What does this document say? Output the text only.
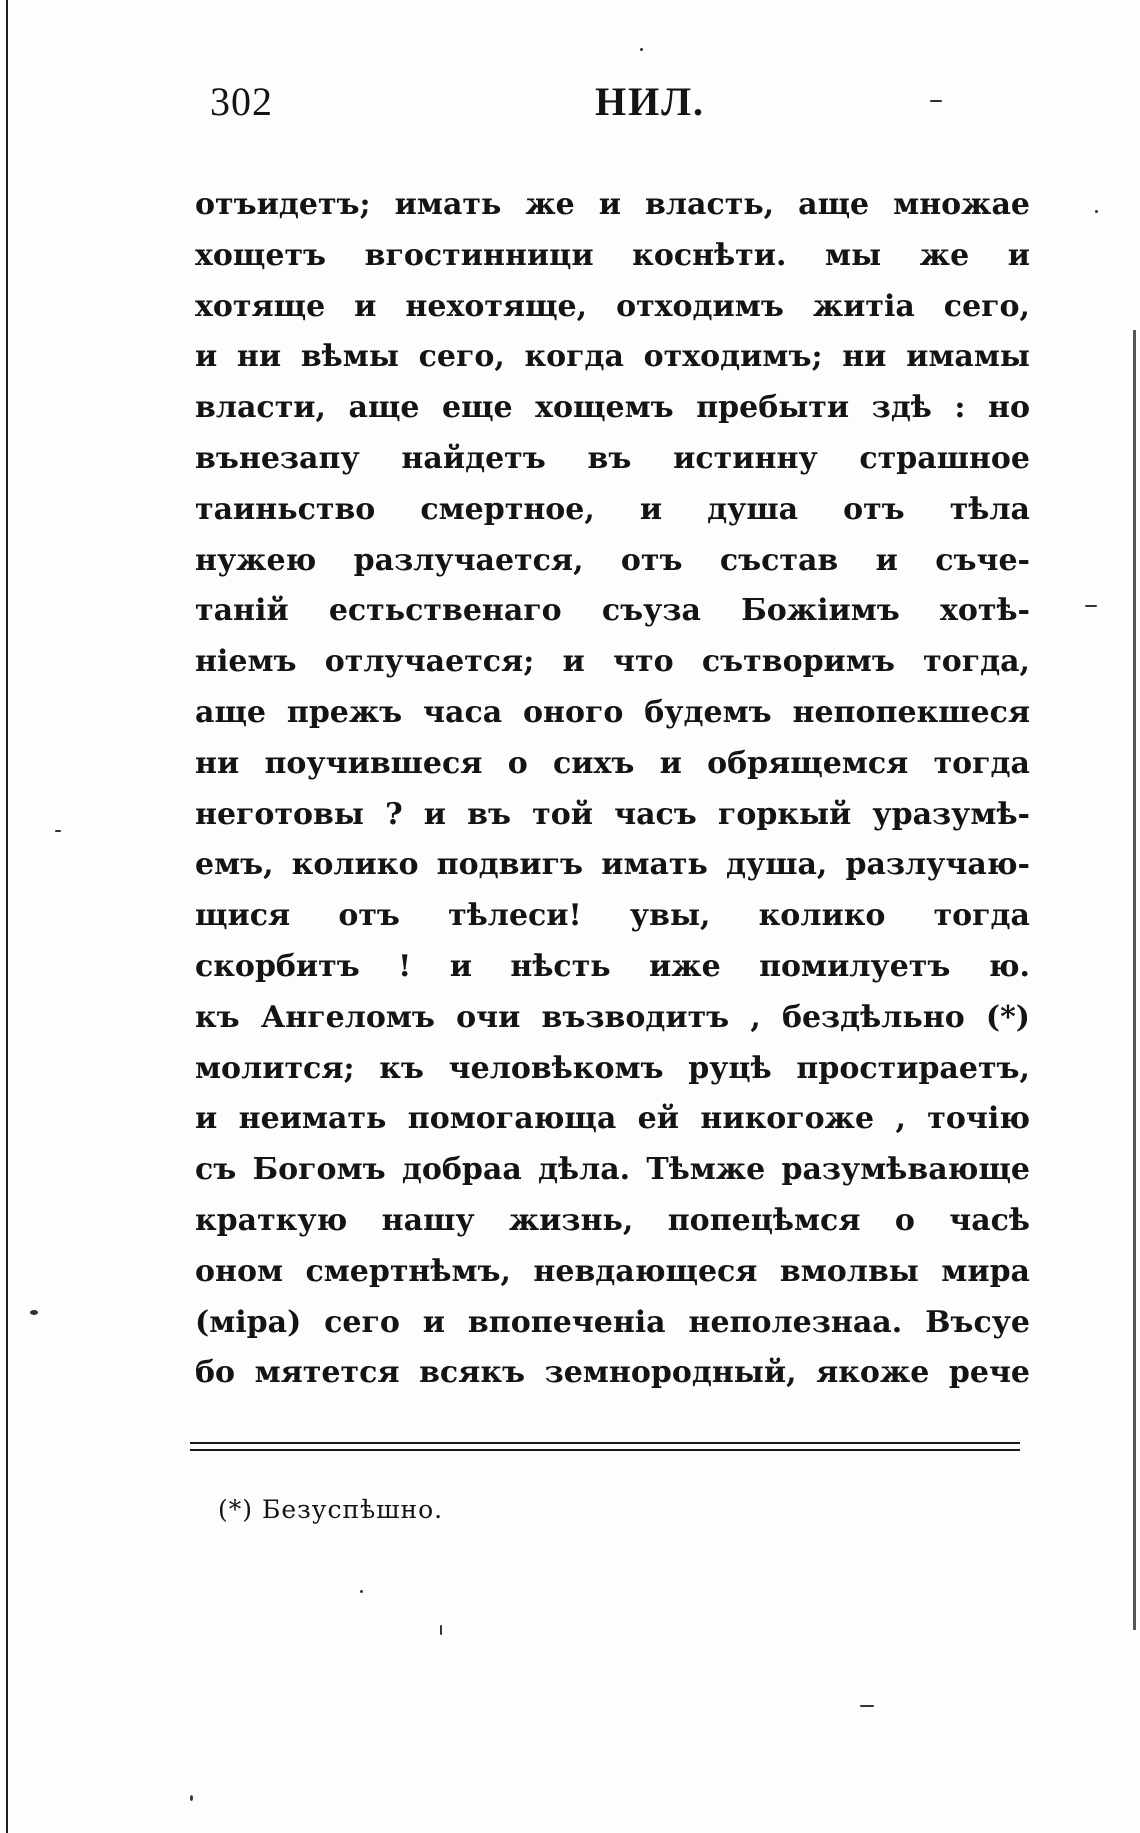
302	НИЛ.
отъидетъ; имать же и власть, аще множае
хощетъ вгостинници коснѣти. мы же и
хотяще и нехотяще, отходимъ житіа сего,
и ни вѣмы сего, когда отходимъ; ни имамы
власти, аще еще хощемъ пребыти здѣ : но
вънезапу найдетъ въ истинну страшное
таиньство смертное, и душа отъ тѣла
нужею разлучается, отъ състав и съче-
таній естьственаго съуза Божіимъ хотѣ-
ніемъ отлучается; и что сътворимъ тогда,
аще прежъ часа оного будемъ непопекшеся
ни поучившеся о сихъ и обрящемся тогда
неготовы ? и въ той часъ горкый уразумѣ-
емъ, колико подвигъ имать душа, разлучаю-
щися отъ тѣлеси! увы, колико тогда
скорбитъ ! и нѣсть иже помилуетъ ю.
къ Ангеломъ очи възводитъ , бездѣльно (*)
молится; къ человѣкомъ руцѣ простираетъ,
и неимать помогающа ей никогоже , точію
съ Богомъ добраа дѣла. Тѣмже разумѣвающе
краткую нашу жизнь, попецѣмся о часѣ
оном смертнѣмъ, невдающеся вмолвы мира
(міра) сего и впопеченіа неполезнаа. Въсуе
бо мятется всякъ земнородный, якоже рече
(*) Безуспѣшно.
